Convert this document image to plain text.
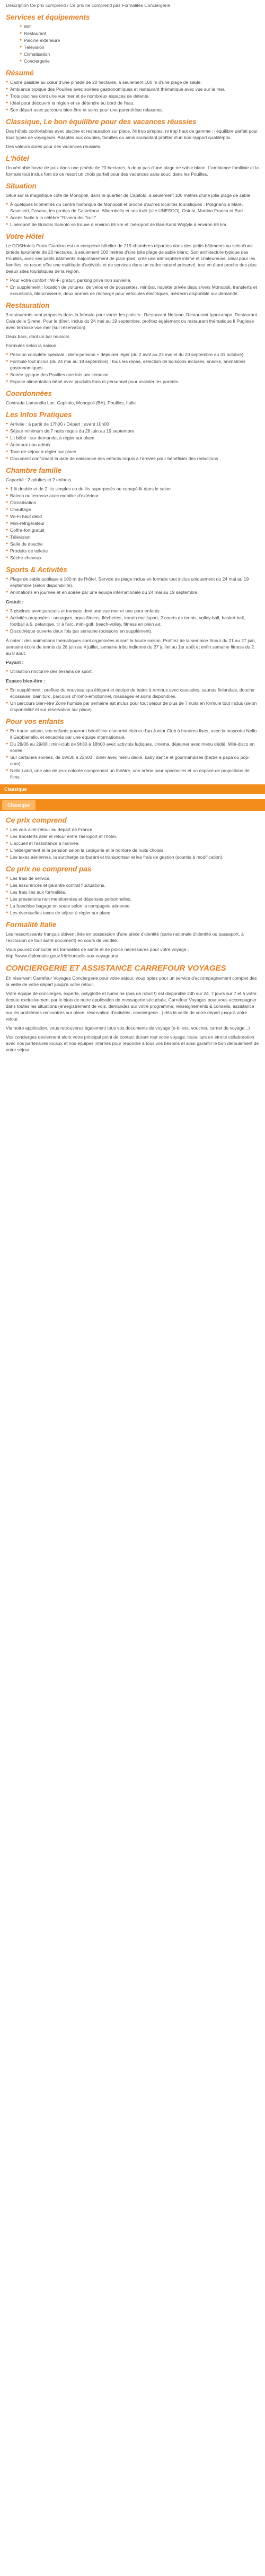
Description Ce prix comprend / Ce prix ne comprend pas Formalités Conciergerie

Services et équipements
● Wifi
● Restaurant
● Piscine extérieure
● Télévision
● Climatisation
● Conciergerie
Résumé
● Cadre paisible au cœur d'une pinède de 20 hectares, à seulement 100 m d'une plage de sable.
● Ambiance typique des Pouilles avec soirées gastronomiques et restaurant thématique avec vue sur la mer.
● Trois piscines dont une vue mer et de nombreux espaces de détente.
● Idéal pour découvrir la région et se détendre au bord de l'eau.
● Son départ avec parcours bien-être et soins pour une parenthèse relaxante.
Classique, Le bon équilibre pour des vacances réussies

Des hôtels confortables avec piscine et restauration sur place. Ni trop simples, ni trop haut de gamme : l'équilibre parfait pour tous types de voyageurs. Adaptés aux couples, familles ou amis souhaitant profiter d'un bon rapport qualité/prix.

Des valeurs sûres pour des vacances réussies.

L'hôtel

Un véritable havre de paix dans une pinède de 20 hectares, à deux pas d'une plage de sable blanc. L'ambiance familiale et la formule tout inclus font de ce resort un choix parfait pour des vacances sans souci dans les Pouilles.

Situation

Situé sur la magnifique côte de Monopoli, dans le quartier de Capitolo, à seulement 100 mètres d'une jolie plage de sable.

● À quelques kilomètres du centre historique de Monopoli et proche d'autres localités touristiques : Polignano a Mare, Savelletri, Fasano, les grottes de Castellana, Alberobello et ses trulli (site UNESCO), Ostuni, Martina Franca et Bari
● Accès facile à la célèbre "Riviera dei Trulli"
● L'aéroport de Brindisi Salento se trouve à environ 65 km et l'aéroport de Bari-Karol Wojtyla à environ 69 km.
Votre Hôtel

Le COSHotels Porto Giardino est un complexe hôtelier de 219 chambres réparties dans des petits bâtiments au sein d'une pinède luxuriante de 20 hectares, à seulement 100 mètres d'une jolie plage de sable blanc. Son architecture typique des Pouilles, avec ses petits bâtiments majoritairement de plain-pied, crée une atmosphère intime et chaleureuse, idéal pour les familles, ce resort offre une multitude d'activités et de services dans un cadre naturel préservé, tout en étant proche des plus beaux sites touristiques de la région.

● Pour votre confort : Wi-Fi gratuit, parking privé non surveillé.
● En supplément : location de voitures, de vélos et de poussettes, minibar, navette privée depuis/vers Monopoli, transferts et excursions, blanchisserie, deux bornes de recharge pour véhicules électriques, médecin disponible sur demande.
Restauration

3 restaurants sont proposés dans la formule pour varier les plaisirs : Restaurant Nettuno, Restaurant Ippocampo, Restaurant Cala delle Sirene. Pour le dîner, inclus du 24 mai au 19 septembre, profitez également du restaurant thématique Il Pugliese avec terrasse vue mer (sur réservation).

Deux bars, dont un bar musical.

Formules selon la saison :

● Pension complète spéciale : demi-pension + déjeuner léger (du 2 avril au 23 mai et du 20 septembre au 31 octobre).
● Formule tout inclus (du 24 mai au 19 septembre) : tous les repas, sélection de boissons incluses, snacks, animations gastronomiques.
● Soirée typique des Pouilles une fois par semaine.
● Espace alimentation bébé avec produits frais et personnel pour assister les parents.
Coordonnées

Contrada Lamandia Loc. Capitolo, Monopoli (BA), Pouilles, Italie

Les Infos Pratiques
● Arrivée : à partir de 17h00 / Départ : avant 10h00
● Séjour minimum de 7 nuits requis du 28 juin au 19 septembre
● Lit bébé : sur demande, à régler sur place
● Animaux non admis
● Taxe de séjour à régler sur place
● Document confirmant la date de naissance des enfants requis à l'arrivée pour bénéficier des réductions
Chambre famille

Capacité : 2 adultes et 2 enfants.

● 1 lit double et de 2 lits simples ou de lits superposés ou canapé-lit dans le salon
● Balcon ou terrasse avec mobilier d'extérieur
● Climatisation
● Chauffage
● Wi-Fi haut débit
● Mini-réfrigérateur
● Coffre-fort gratuit
● Télévision
● Salle de douche
● Produits de toilette
● Sèche-cheveux
Sports & Activités
● Plage de sable publique à 100 m de l'hôtel. Service de plage inclus en formule tout inclus uniquement du 24 mai au 19 septembre (selon disponibilité).
● Animations en journée et en soirée par une équipe internationale du 24 mai au 19 septembre.

Gratuit :

● 3 piscines avec parasols et transats dont une vue mer et une pour enfants.
● Activités proposées : aquagym, aqua-fitness, fléchettes, terrain multisport, 2 courts de tennis, volley-ball, basket-ball, football à 5, pétanque, tir à l'arc, mini-golf, beach-volley, fitness en plein air.
● Discothèque ouverte deux fois par semaine (boissons en supplément).

À noter : des animations thématiques sont organisées durant la haute saison. Profitez de la semaine Scout du 21 au 27 juin, semaine école de tennis du 28 juin au 4 juillet, semaine tribu indienne du 27 juillet au 1er août et enfin semaine fitness du 2 au 8 août.

Payant :

● Utilisation nocturne des terrains de sport.

Espace bien-être :

● En supplément : profitez du nouveau spa élégant et équipé de bains à remous avec cascades, saunas finlandais, douche écossaise, bain turc, parcours chromo-émotionnel, massages et soins disponibles.
● Un parcours bien-être Zone humide par semaine est inclus pour tout séjour de plus de 7 nuits en formule tout inclus (selon disponibilité et sur réservation sur place).
Pour vos enfants
● En haute saison, vos enfants pourront bénéficier d'un mini-club et d'un Junior Club à horaires fixes, avec la mascotte Nello il Gabbianello, et encadrés par une équipe internationale.
● Du 28/06 au 29/08 : mini-club de 9h30 à 18h00 avec activités ludiques, cinéma, déjeuner avec menu dédié. Mini-disco en soirée.
● Sur certaines soirées, de 19h30 à 22h00 : dîner avec menu dédié, baby dance et gourmandises (barbe à papa ou pop-corn).
● Nello Land, une aire de jeux colorée comprenant un théâtre, une arène pour spectacles et un espace de projections de films.
Classique
Classique
Ce prix comprend
● Les vols aller-retour au départ de France.
● Les transferts aller et retour entre l'aéroport et l'hôtel.
● L'accueil et l'assistance à l'arrivée.
● L'hébergement et la pension selon la catégorie et le nombre de nuits choisis.
● Les taxes aériennes, la surcharge carburant et transporteur et les frais de gestion (soumis à modification).
Ce prix ne comprend pas
● Les frais de service.
● Les assurances et garantie contrat fluctuations.
● Les frais liés aux formalités.
● Les prestations non mentionnées et dépenses personnelles.
● La franchise bagage en soute selon la compagnie aérienne.
● Les éventuelles taxes de séjour à régler sur place.
Formalité Italie

Les ressortissants français doivent être en possession d'une pièce d'identité (carte nationale d'identité ou passeport, à l'exclusion de tout autre document) en cours de validité.

Vous pouvez consulter les formalités de santé et de police nécessaires pour votre voyage : http://www.diplomatie.gouv.fr/fr/conseils-aux-voyageurs/

CONCIERGERIE ET ASSISTANCE CARREFOUR VOYAGES

En réservant Carrefour Voyages Conciergerie pour votre séjour, vous optez pour un service d'accompagnement complet dès la veille de votre départ jusqu'à votre retour.

Votre équipe de concierges, experte, polyglotte et humaine (pas de robot !) est disponible 24h sur 24, 7 jours sur 7 et à votre écoute exclusivement par le biais de notre application de messagerie sécurisée, Carrefour Voyages pour vous accompagner dans toutes les situations (enregistrement de vols, demandes sur votre programme, renseignements & conseils, assistance sur les problèmes rencontrés sur place, réservation d'activités, conciergerie...) dès la veille de votre départ jusqu'à votre retour.

Via notre application, vous retrouverez également tous vos documents de voyage (e-billets, voucher, carnet de voyage...)

Vos concierges deviennent alors votre principal point de contact durant tout votre voyage, travaillant en étroite collaboration avec nos partenaires locaux et nos équipes internes pour répondre à tous vos besoins et ainsi garantir le bon déroulement de votre séjour.
